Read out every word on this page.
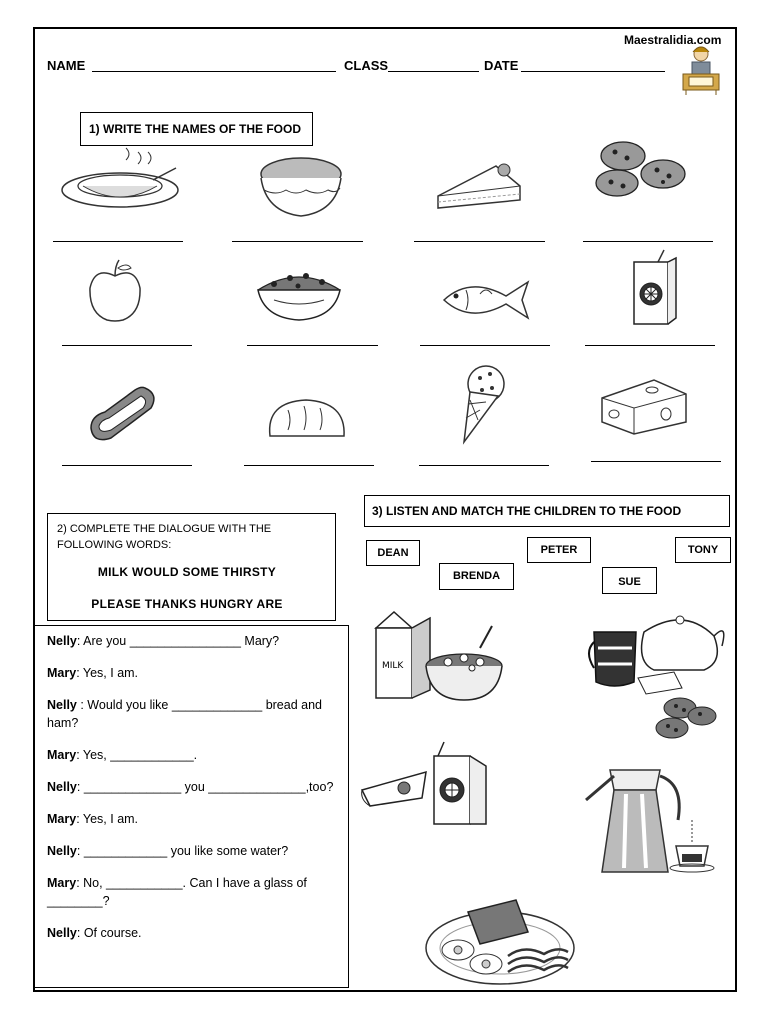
Maestralidia.com
NAME	CLASS	DATE
1) WRITE THE NAMES OF THE FOOD
3) LISTEN AND MATCH THE CHILDREN TO THE FOOD
DEAN	PETER	TONY
BRENDA	SUE
MILK
2) COMPLETE THE DIALOGUE WITH THE
FOLLOWING WORDS:
MILK WOULD SOME THIRSTY
PLEASE THANKS HUNGRY ARE

Nelly: Are you ________________ Mary?

Mary: Yes, I am.

Nelly : Would you like _____________ bread and ham?

Mary: Yes, ____________.

Nelly: ______________ you ______________,too?

Mary: Yes, I am.

Nelly: ____________ you like some water?

Mary: No, ___________. Can I have a glass of ________?

Nelly: Of course.
